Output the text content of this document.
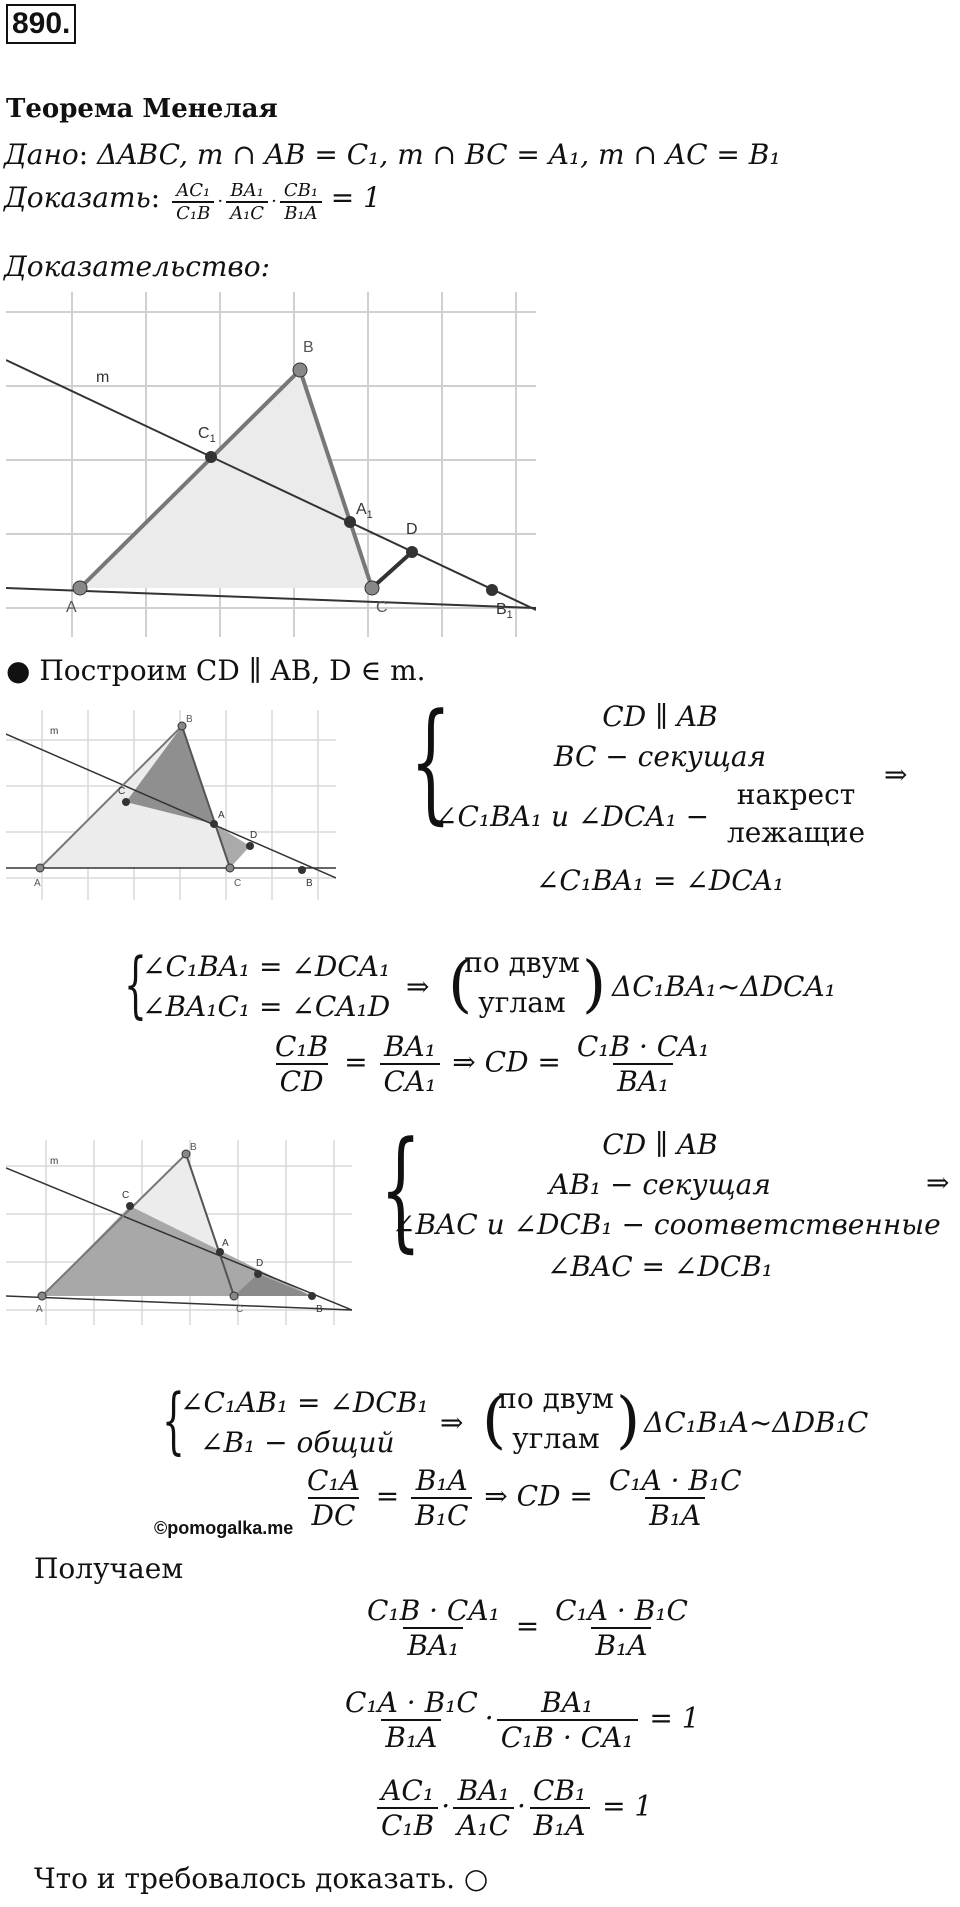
890.
Теорема Менелая
Дано: ΔABC, m ∩ AB = C₁, m ∩ BC = A₁, m ∩ AC = B₁
Доказать: $\frac{\text{AC₁}}{\text{C₁B}} \cdot \frac{\text{BA₁}}{\text{A₁C}} \cdot \frac{\text{CB₁}}{\text{B₁A}} = 1$
Доказательство:
A
B
C
D
m
$C_1$
$A_1$
$B_1$
● Построим CD ∥ AB, D ∈ m.
A
B
C
D
m
C
A
B
{	CD ∥ AB
BC − секущая
∠C₁BA₁ и ∠DCA₁ −
накрест
лежащие
⇒
∠C₁BA₁ = ∠DCA₁
{
∠C₁BA₁ = ∠DCA₁
∠BA₁C₁ = ∠CA₁D
⇒ (
по двум
углам ) ΔC₁BA₁~ΔDCA₁
$\frac{\text{C₁B}}{CD} = \frac{\text{BA₁}}{\text{CA₁}}$ ⇒ CD = $\frac{\text{C₁B · CA₁}}{\text{BA₁}}$
A
B
C
D
m
C
A
B
{	CD ∥ AB
AB₁ − секущая
∠BAC и ∠DCB₁ − соответственные
⇒
∠BAC = ∠DCB₁
{
∠C₁AB₁ = ∠DCB₁
∠B₁ − общий
⇒ (
по двум
углам ) ΔC₁B₁A~ΔDB₁C
$\frac{\text{C₁A}}{DC} = \frac{\text{B₁A}}{\text{B₁C}}$ ⇒ CD = $\frac{\text{C₁A · B₁C}}{\text{B₁A}}$
©pomogalka.me
Получаем
$\frac{\text{C₁B · CA₁}}{\text{BA₁}} = \frac{\text{C₁A · B₁C}}{\text{B₁A}}$
$\frac{\text{C₁A · B₁C}}{\text{B₁A}} \cdot \frac{\text{BA₁}}{\text{C₁B · CA₁}} = 1$
$\frac{\text{AC₁}}{\text{C₁B}} \cdot \frac{\text{BA₁}}{\text{A₁C}} \cdot \frac{\text{CB₁}}{\text{B₁A}} = 1$
Что и требовалось доказать. ○
